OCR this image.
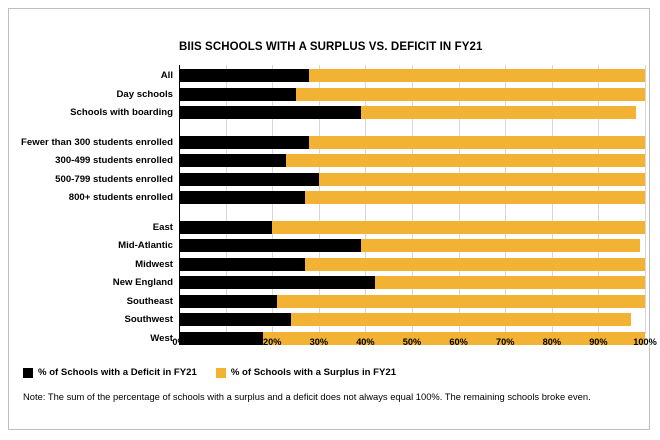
BIIS SCHOOLS WITH A SURPLUS VS. DEFICIT IN FY21
All
Day schools
Schools with boarding
Fewer than 300 students enrolled
300-499 students enrolled
500-799 students enrolled
800+ students enrolled
East
Mid-Atlantic
Midwest
New England
Southeast
Southwest
West 0%	10%	20%	30%	40%	50%	60%	70%	80%	90%	100%
% of Schools with a Deficit in FY21	% of Schools with a Surplus in FY21
Note: The sum of the percentage of schools with a surplus and a deficit does not always equal 100%. The remaining schools broke even.
